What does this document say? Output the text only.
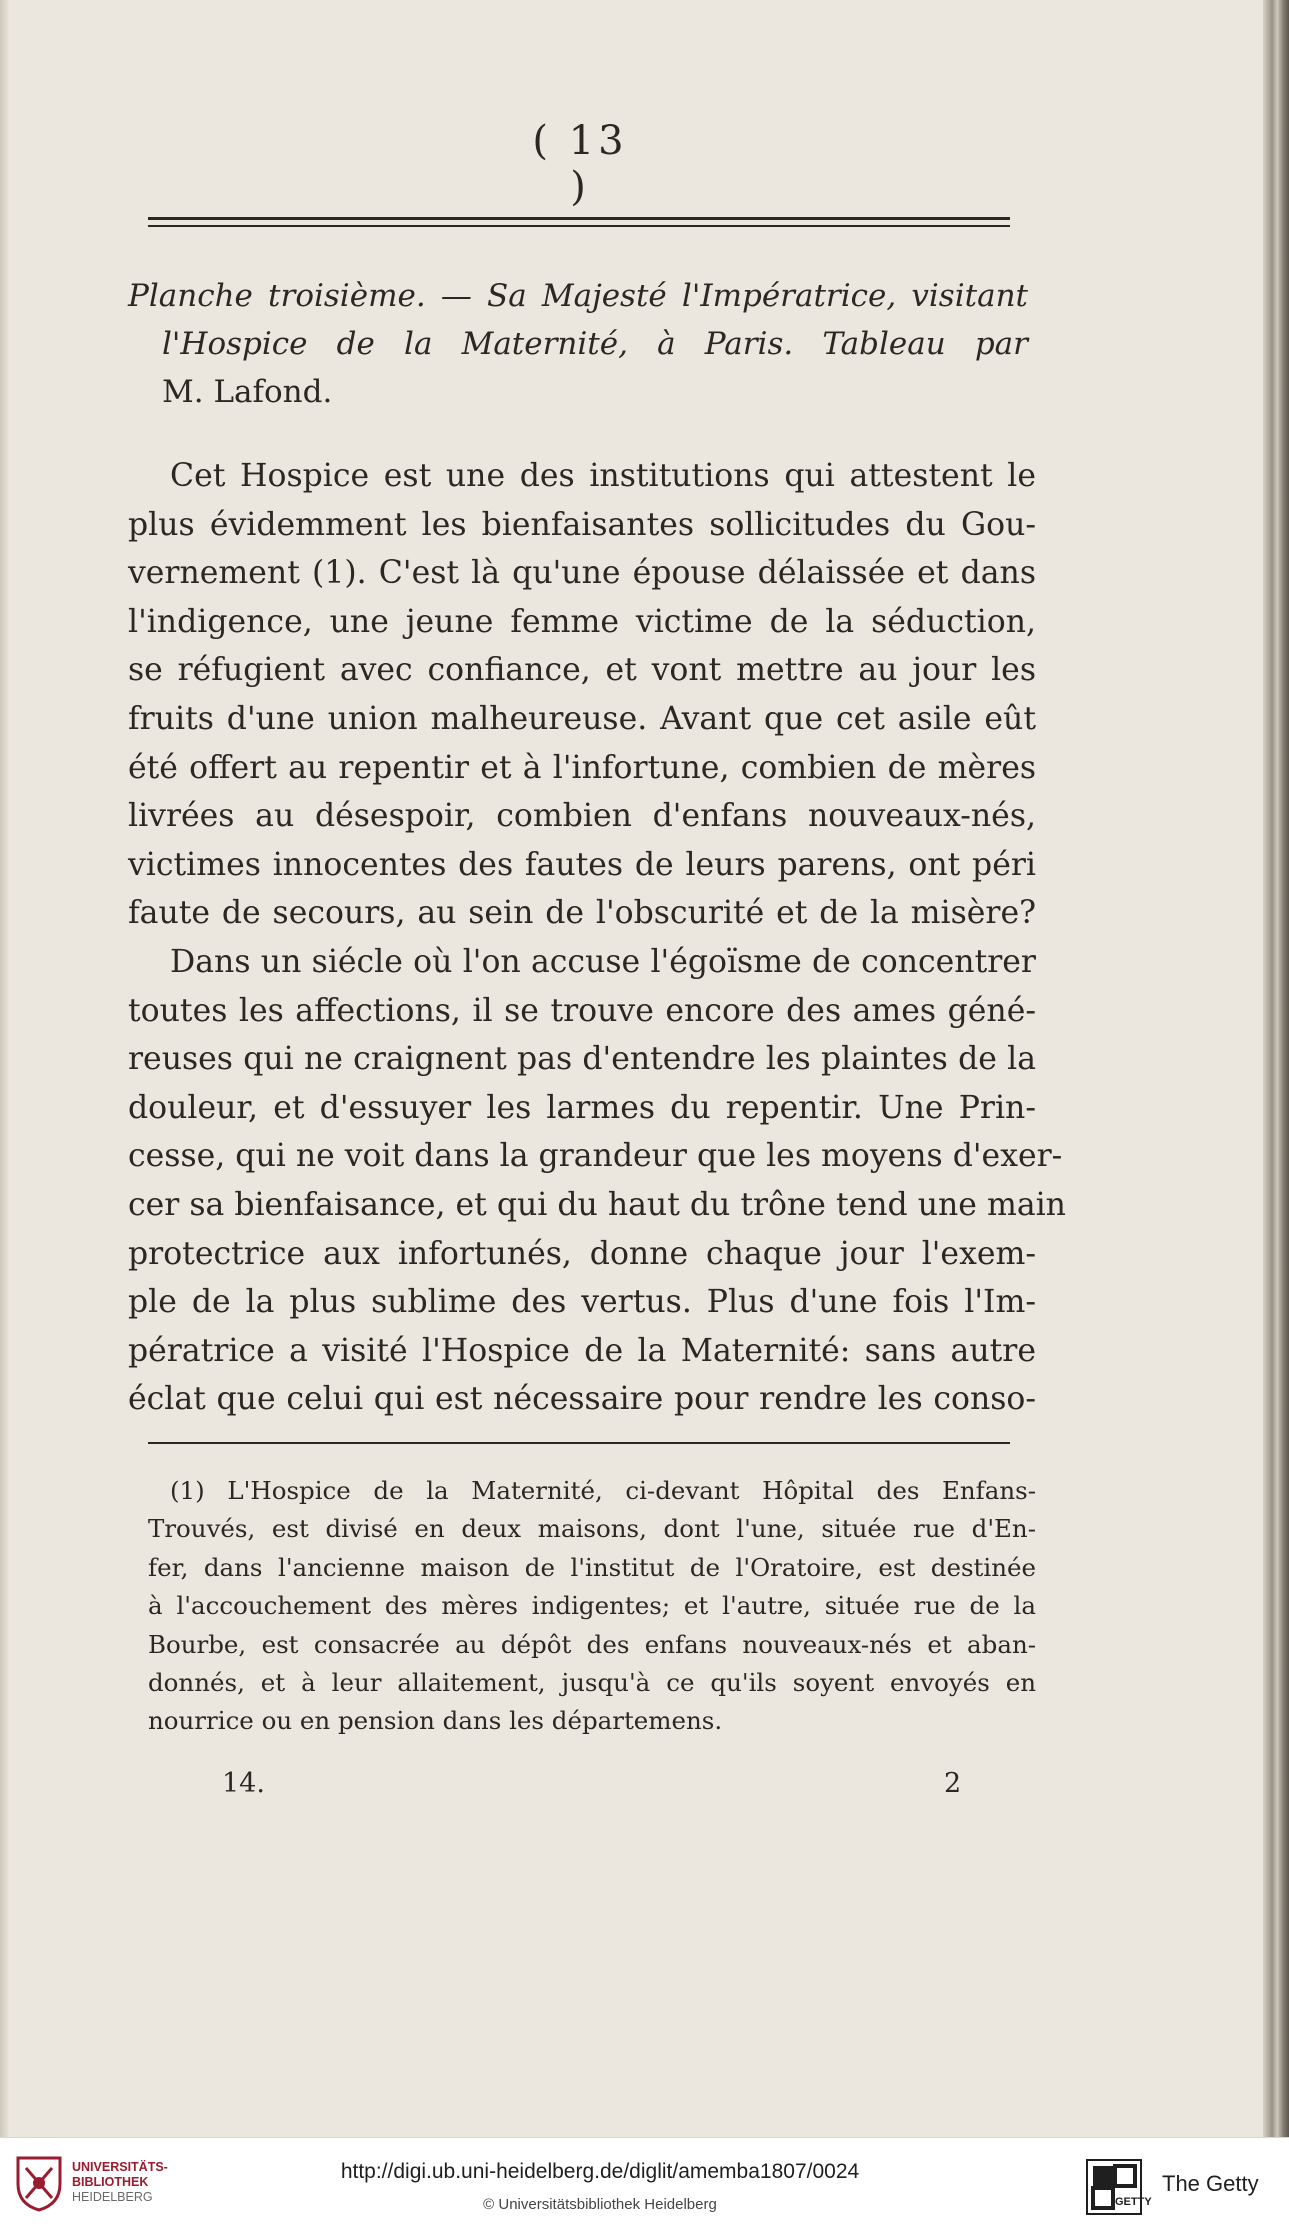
( 13 )
Planche troisième. — Sa Majesté l'Impératrice, visitant
l'Hospice de la Maternité, à Paris. Tableau par
M. Lafond.
Cet Hospice est une des institutions qui attestent le
plus évidemment les bienfaisantes sollicitudes du Gou-
vernement (1). C'est là qu'une épouse délaissée et dans
l'indigence, une jeune femme victime de la séduction,
se réfugient avec confiance, et vont mettre au jour les
fruits d'une union malheureuse. Avant que cet asile eût
été offert au repentir et à l'infortune, combien de mères
livrées au désespoir, combien d'enfans nouveaux-nés,
victimes innocentes des fautes de leurs parens, ont péri
faute de secours, au sein de l'obscurité et de la misère?
Dans un siécle où l'on accuse l'égoïsme de concentrer
toutes les affections, il se trouve encore des ames géné-
reuses qui ne craignent pas d'entendre les plaintes de la
douleur, et d'essuyer les larmes du repentir. Une Prin-
cesse, qui ne voit dans la grandeur que les moyens d'exer-
cer sa bienfaisance, et qui du haut du trône tend une main
protectrice aux infortunés, donne chaque jour l'exem-
ple de la plus sublime des vertus. Plus d'une fois l'Im-
pératrice a visité l'Hospice de la Maternité: sans autre
éclat que celui qui est nécessaire pour rendre les conso-
(1) L'Hospice de la Maternité, ci-devant Hôpital des Enfans-
Trouvés, est divisé en deux maisons, dont l'une, située rue d'En-
fer, dans l'ancienne maison de l'institut de l'Oratoire, est destinée
à l'accouchement des mères indigentes; et l'autre, située rue de la
Bourbe, est consacrée au dépôt des enfans nouveaux-nés et aban-
donnés, et à leur allaitement, jusqu'à ce qu'ils soyent envoyés en
nourrice ou en pension dans les départemens.
14.	2
UNIVERSITÄTS-
BIBLIOTHEK
HEIDELBERG
http://digi.ub.uni-heidelberg.de/diglit/amemba1807/0024
© Universitätsbibliothek Heidelberg	GETTY
The Getty
